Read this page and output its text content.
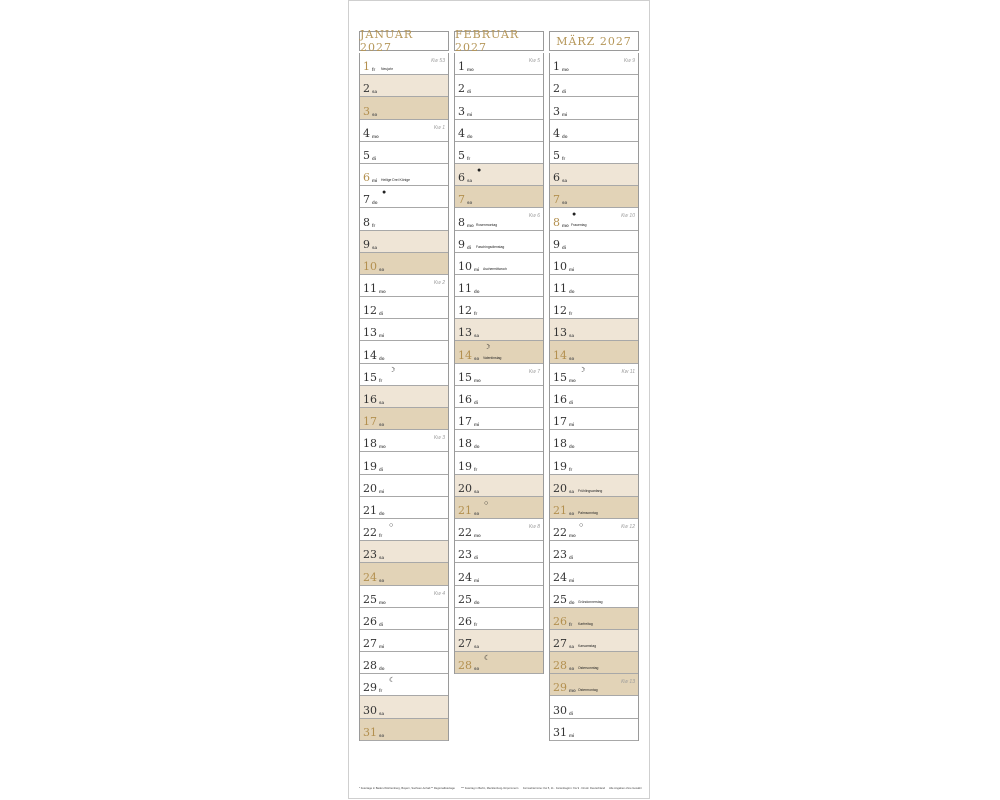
JANUAR 2027
1 fr Neujahr
Kw 53
2 sa
3 so
4 mo
Kw 1
5 di
6 mi Heilige Drei Könige
7 do
●
8 fr
9 sa
10 so
11 mo
Kw 2
12 di
13 mi
14 do
15 fr
☽
16 sa
17 so
18 mo
Kw 3
19 di
20 mi
21 do
22 fr
○
23 sa
24 so
25 mo
Kw 4
26 di
27 mi
28 do
29 fr
☾
30 sa
31 so
FEBRUAR 2027
1 mo
Kw 5
2 di
3 mi
4 do
5 fr
6 sa
●
7 so
8 mo Rosenmontag
Kw 6
9 di Faschingsdienstag
10 mi Aschermittwoch
11 do
12 fr
13 sa
14 so
☽
Valentinstag
15 mo
Kw 7
16 di
17 mi
18 do
19 fr
20 sa
21 so
○
22 mo
Kw 8
23 di
24 mi
25 do
26 fr
27 sa
28 so
☾
MÄRZ 2027
1 mo
Kw 9
2 di
3 mi
4 do
5 fr
6 sa
7 so
8 mo
●
Frauentag
Kw 10
9 di
10 mi
11 do
12 fr
13 sa
14 so
15 mo
☽	Kw 11
16 di
17 mi
18 do
19 fr
20 sa Frühlingsanfang
21 so Palmsonntag
22 mo
○	Kw 12
23 di
24 mi
25 do Gründonnerstag
26 fr Karfreitag
27 sa Karsamstag
28 so Ostersonntag
29 mo Ostermontag
Kw 13
30 di
31 mi
* Feiertage in Baden-Württemberg, Bayern, Sachsen-Anhalt ** Regionalfeiertage *** Feiertag in Berlin, Mecklenburg-Vorpommern Fernsehtermine: Kw 5, 11 · Ferienbeginn: Kw 9 · Druck: Deutschland Alle Angaben ohne Gewähr
